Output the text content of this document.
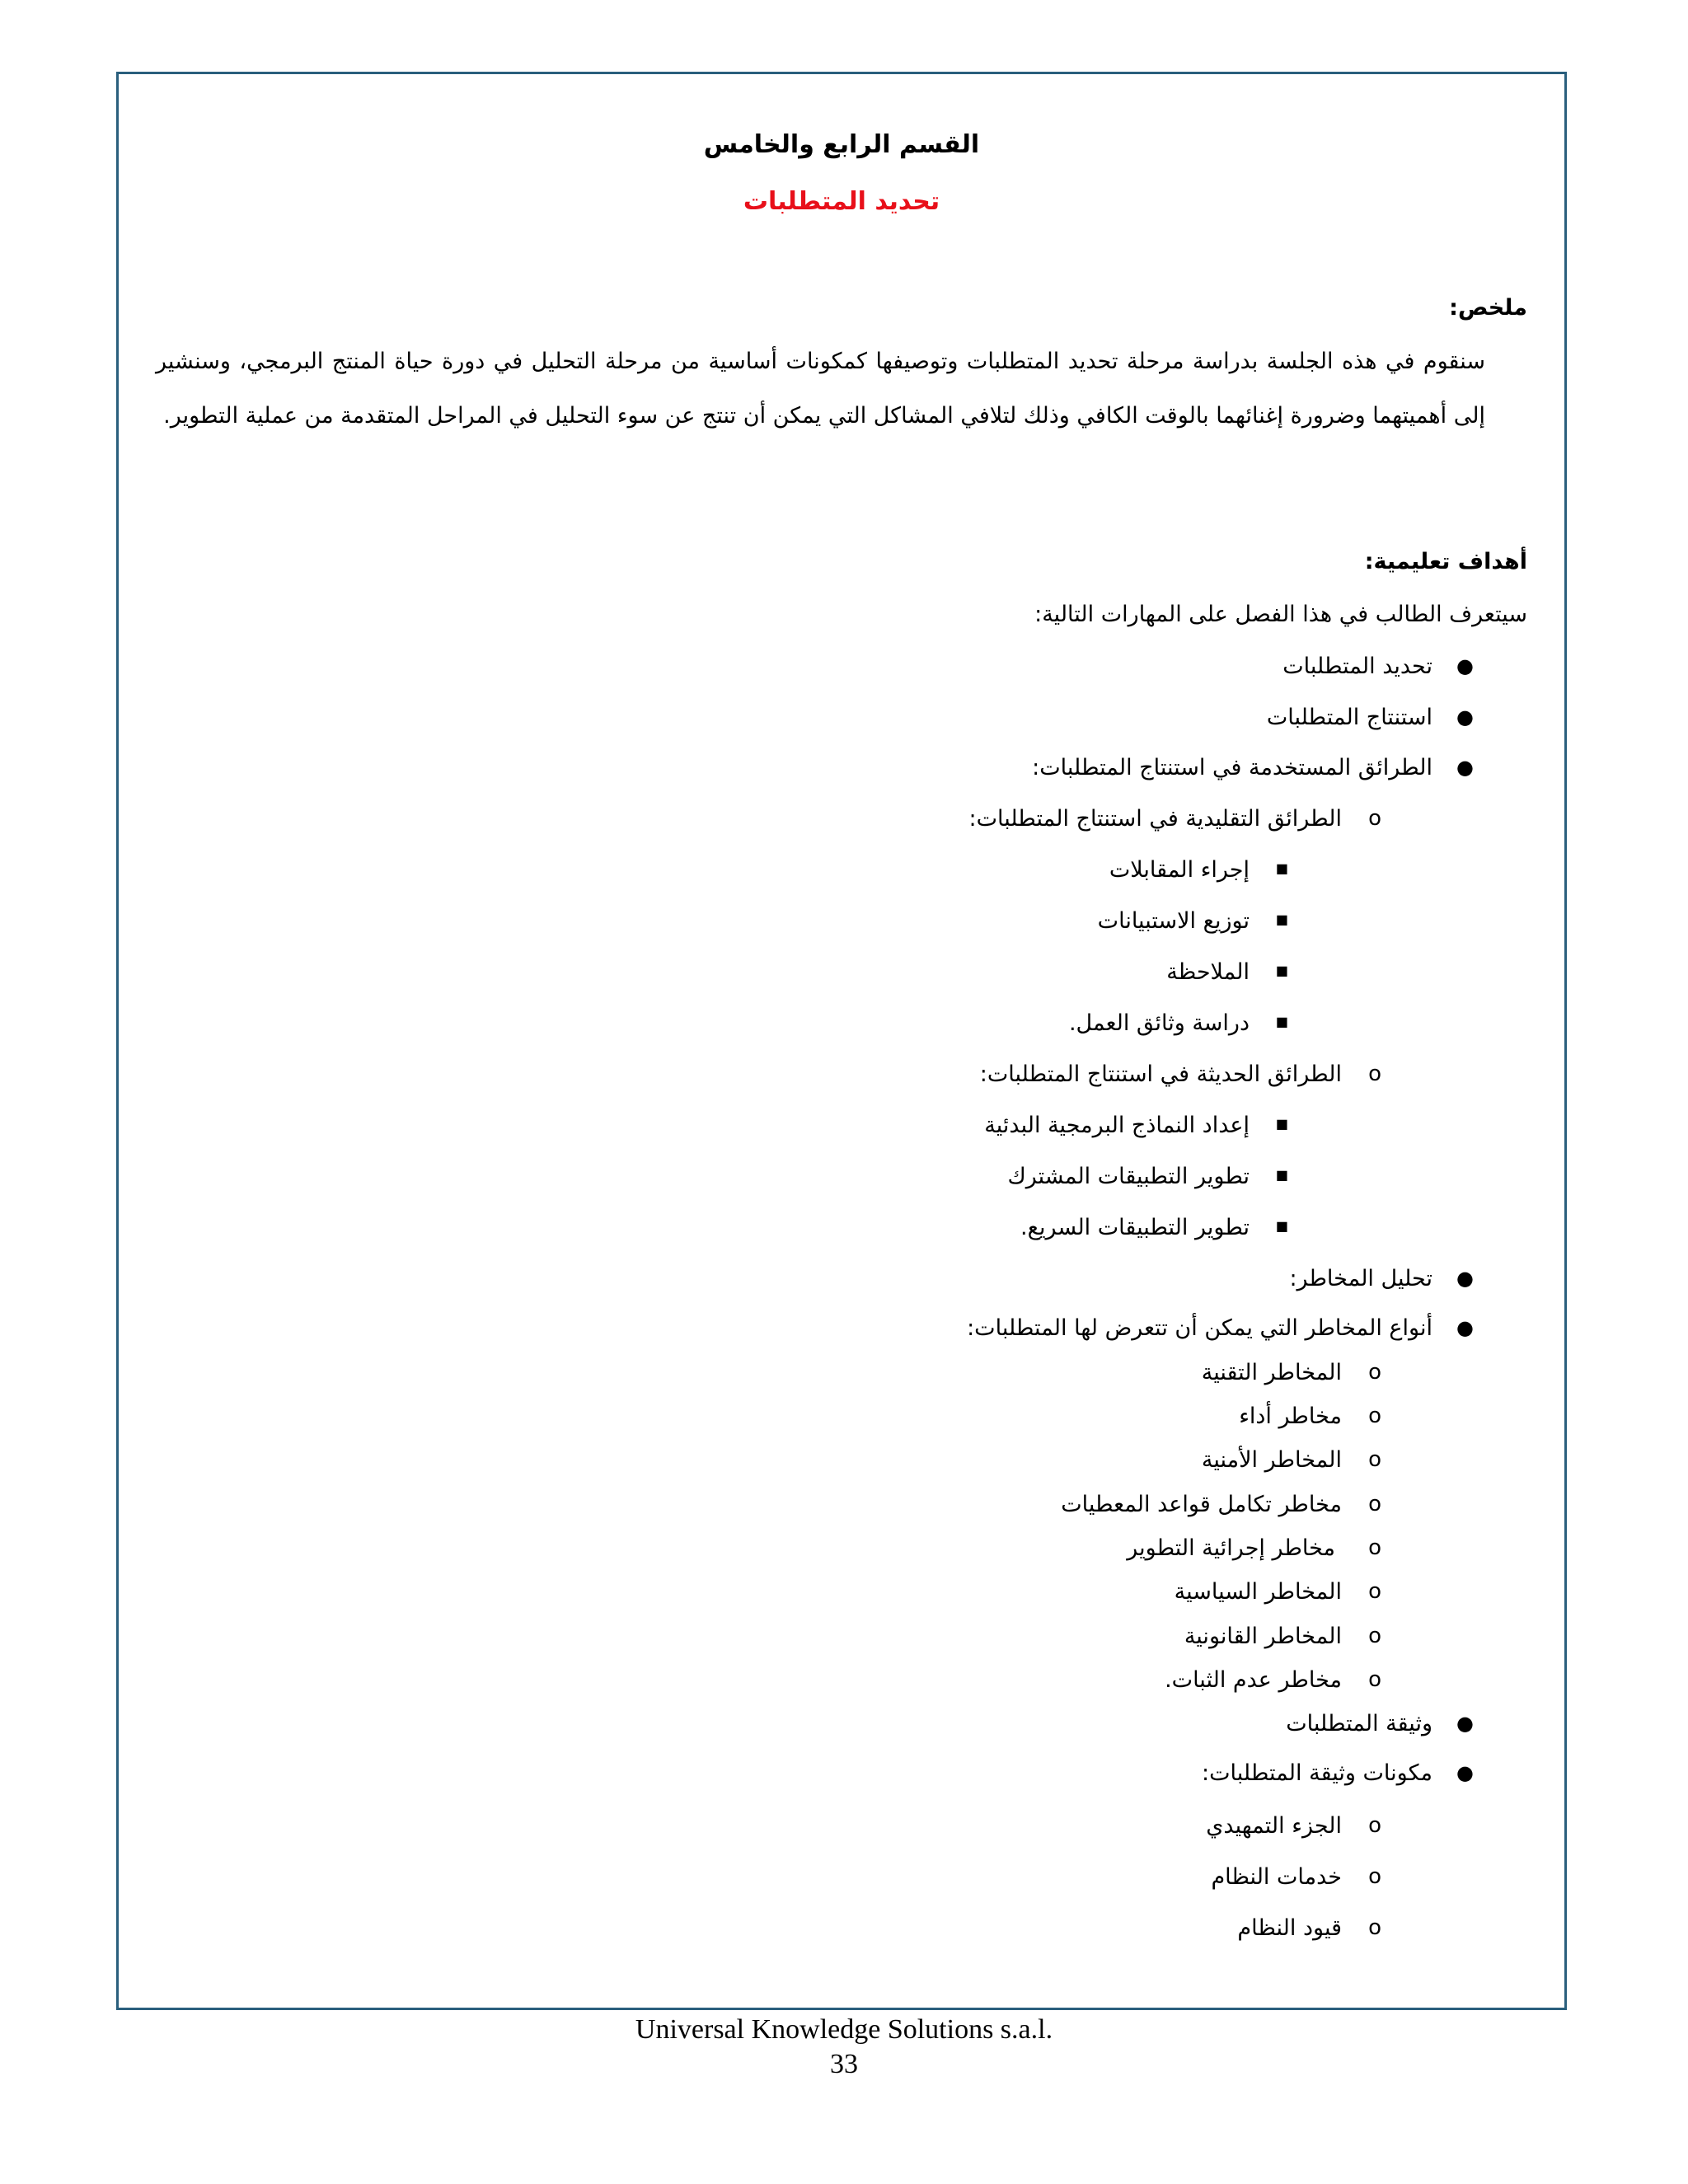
القسم الرابع والخامس
تحديد المتطلبات
ملخص:
سنقوم في هذه الجلسة بدراسة مرحلة تحديد المتطلبات وتوصيفها كمكونات أساسية من مرحلة التحليل في دورة حياة المنتج البرمجي، وسنشير إلى أهميتهما وضرورة إغنائهما بالوقت الكافي وذلك لتلافي المشاكل التي يمكن أن تنتج عن سوء التحليل في المراحل المتقدمة من عملية التطوير.
أهداف تعليمية:
سيتعرف الطالب في هذا الفصل على المهارات التالية:
●
تحديد المتطلبات
●
استنتاج المتطلبات
●
الطرائق المستخدمة في استنتاج المتطلبات:
o
الطرائق التقليدية في استنتاج المتطلبات:
■
إجراء المقابلات
■
توزيع الاستبيانات
■
الملاحظة
■
دراسة وثائق العمل.
o
الطرائق الحديثة في استنتاج المتطلبات:
■
إعداد النماذج البرمجية البدئية
■
تطوير التطبيقات المشترك
■
تطوير التطبيقات السريع.
●
تحليل المخاطر:
●
أنواع المخاطر التي يمكن أن تتعرض لها المتطلبات:
o
المخاطر التقنية
o
مخاطر أداء
o
المخاطر الأمنية
o
مخاطر تكامل قواعد المعطيات
o
مخاطر إجرائية التطوير
o
المخاطر السياسية
o
المخاطر القانونية
o
مخاطر عدم الثبات.
●
وثيقة المتطلبات
●
مكونات وثيقة المتطلبات:
o
الجزء التمهيدي
o
خدمات النظام
o
قيود النظام
Universal Knowledge Solutions s.a.l.
33
